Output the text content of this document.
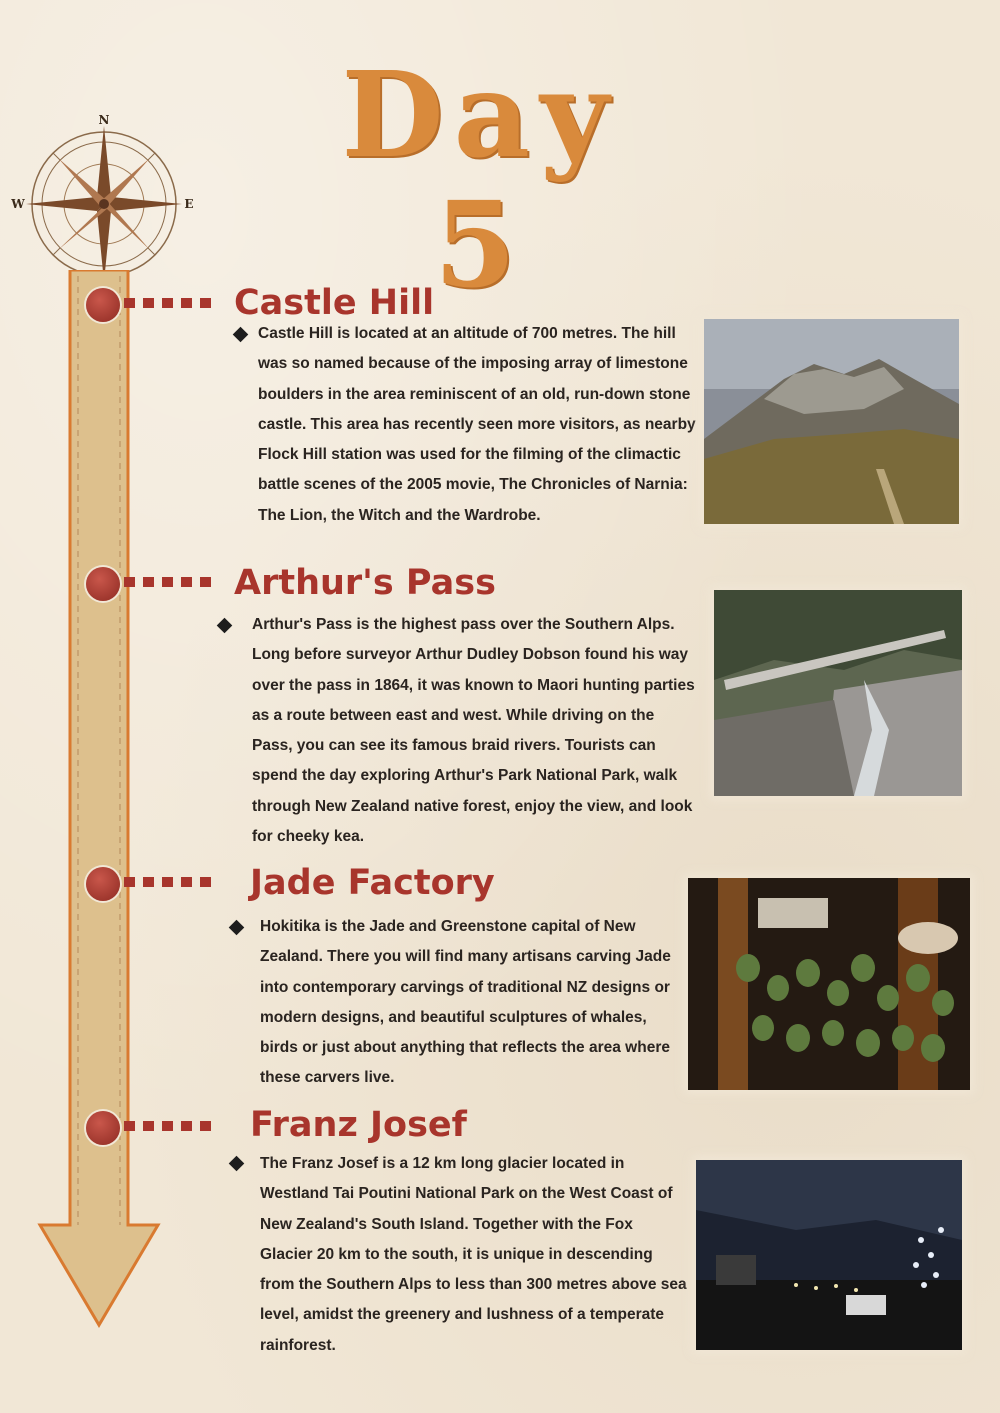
Day 5
N
E
W
Castle Hill

Castle Hill is located at an altitude of 700 metres. The hill was so named because of the imposing array of limestone boulders in the area reminiscent of an old, run-down stone castle. This area has recently seen more visitors, as nearby Flock Hill station was used for the filming of the climactic battle scenes of the 2005 movie, The Chronicles of Narnia: The Lion, the Witch and the Wardrobe.

Arthur's Pass

Arthur's Pass is the highest pass over the Southern Alps. Long before surveyor Arthur Dudley Dobson found his way over the pass in 1864, it was known to Maori hunting parties as a route between east and west. While driving on the Pass, you can see its famous braid rivers. Tourists can spend the day exploring Arthur's Park National Park, walk through New Zealand native forest, enjoy the view, and look for cheeky kea.

Jade Factory

Hokitika is the Jade and Greenstone capital of New Zealand. There you will find many artisans carving Jade into contemporary carvings of traditional NZ designs or modern designs, and beautiful sculptures of whales, birds or just about anything that reflects the area where these carvers live.

Franz Josef

The Franz Josef is a 12 km long glacier located in Westland Tai Poutini National Park on the West Coast of New Zealand's South Island. Together with the Fox Glacier 20 km to the south, it is unique in descending from the Southern Alps to less than 300 metres above sea level, amidst the greenery and lushness of a temperate rainforest.
